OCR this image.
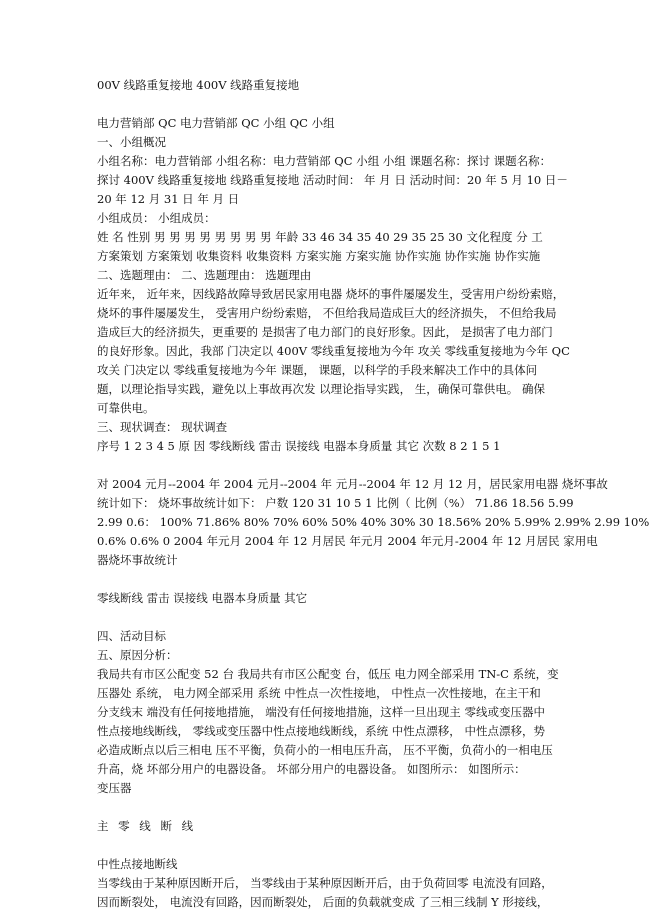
00V 线路重复接地 400V 线路重复接地
电力营销部 QC 电力营销部 QC 小组 QC 小组
一、小组概况
小组名称：电力营销部 小组名称：电力营销部 QC 小组 小组 课题名称：探讨 课题名称：
探讨 400V 线路重复接地 线路重复接地 活动时间： 年 月 日 活动时间：20 年 5 月 10 日－
20 年 12 月 31 日 年 月 日
小组成员： 小组成员：
姓 名 性别 男 男 男 男 男 男 男 男 年龄 33 46 34 35 40 29 35 25 30 文化程度 分 工
方案策划 方案策划 收集资料 收集资料 方案实施 方案实施 协作实施 协作实施 协作实施
二、选题理由： 二、选题理由： 选题理由
近年来， 近年来，因线路故障导致居民家用电器 烧坏的事件屡屡发生，受害用户纷纷索赔，
烧坏的事件屡屡发生， 受害用户纷纷索赔， 不但给我局造成巨大的经济损失， 不但给我局
造成巨大的经济损失，更重要的 是损害了电力部门的良好形象。因此， 是损害了电力部门
的良好形象。因此，我部 门决定以 400V 零线重复接地为今年 攻关 零线重复接地为今年 QC
攻关 门决定以 零线重复接地为今年 课题， 课题，以科学的手段来解决工作中的具体问
题，以理论指导实践，避免以上事故再次发 以理论指导实践， 生，确保可靠供电。 确保
可靠供电。
三、现状调查： 现状调查
序号 1 2 3 4 5 原 因 零线断线 雷击 误接线 电器本身质量 其它 次数 8 2 1 5 1
对 2004 元月--2004 年 2004 元月--2004 年 元月--2004 年 12 月 12 月，居民家用电器 烧坏事故
统计如下： 烧坏事故统计如下： 户数 120 31 10 5 1 比例（ 比例（%） 71.86 18.56 5.99
2.99 0.6： 100% 71.86% 80% 70% 60% 50% 40% 30% 30 18.56% 20% 5.99% 2.99% 2.99 10%
0.6% 0.6% 0 2004 年元月 2004 年 12 月居民 年元月 2004 年元月-2004 年 12 月居民 家用电
器烧坏事故统计
零线断线 雷击 误接线 电器本身质量 其它
四、活动目标
五、原因分析：
我局共有市区公配变 52 台 我局共有市区公配变 台，低压 电力网全部采用 TN-C 系统，变
压器处 系统， 电力网全部采用 系统 中性点一次性接地， 中性点一次性接地，在主干和
分支线末 端没有任何接地措施， 端没有任何接地措施，这样一旦出现主 零线或变压器中
性点接地线断线， 零线或变压器中性点接地线断线，系统 中性点漂移， 中性点漂移，势
必造成断点以后三相电 压不平衡，负荷小的一相电压升高， 压不平衡，负荷小的一相电压
升高，烧 坏部分用户的电器设备。 坏部分用户的电器设备。 如图所示： 如图所示：
变压器
主 零 线 断 线
中性点接地断线
当零线由于某种原因断开后， 当零线由于某种原因断开后，由于负荷回零 电流没有回路，
因而断裂处， 电流没有回路，因而断裂处， 后面的负载就变成 了三相三线制 Y 形接线，
